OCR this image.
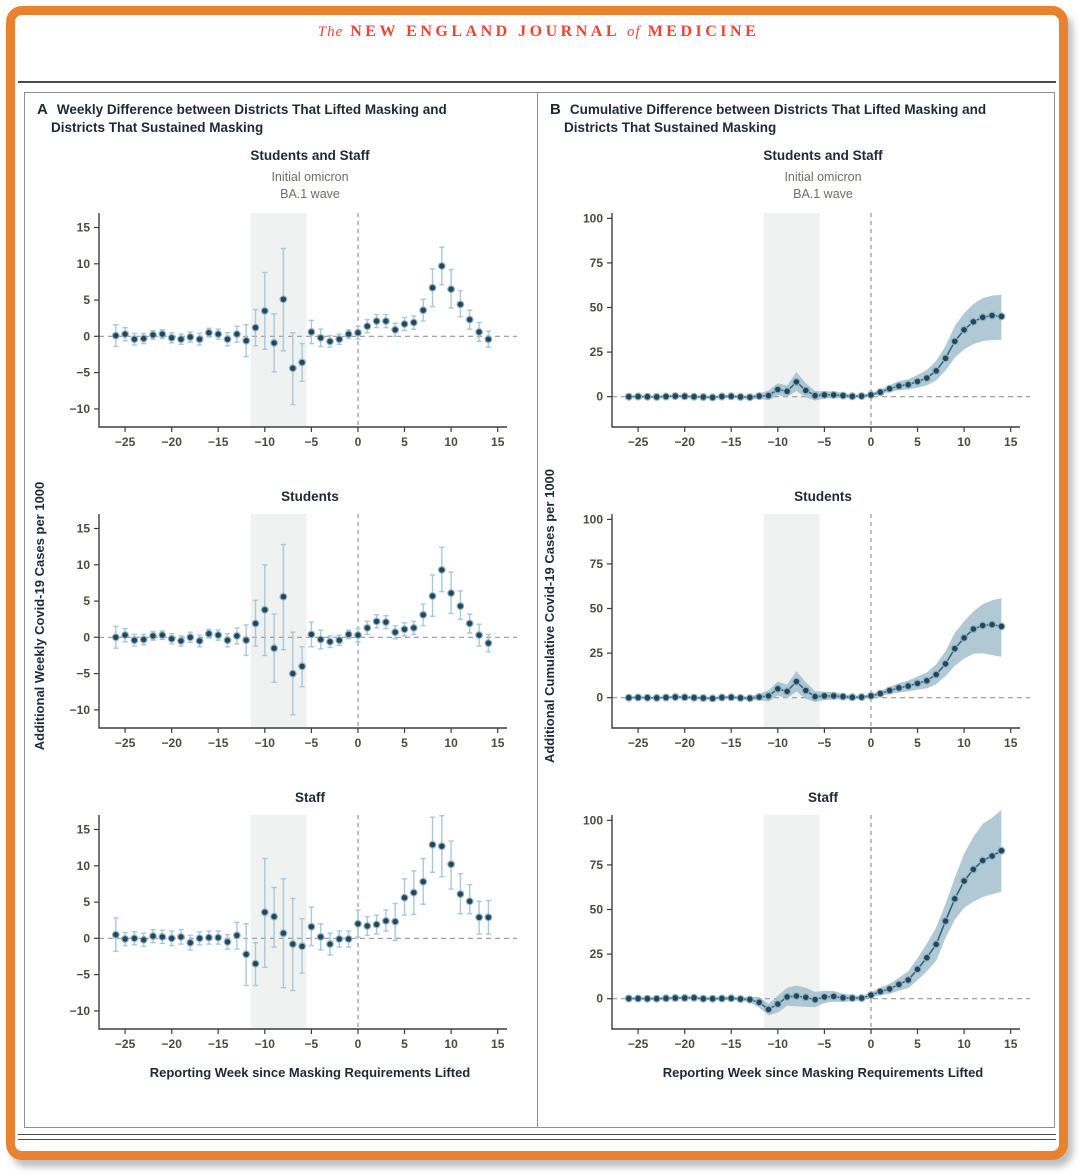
The NEW ENGLAND JOURNAL of MEDICINE
A Weekly Difference between Districts That Lifted Masking and
Districts That Sustained Masking
Additional Weekly Covid-19 Cases per 1000
Students and Staff
Initial omicron
BA.1 wave
15
10
5
0
−5
−10
−25 −20 −15 −10 −5	0	5	10	15
Students
15
10
5
0
−5
−10
−25 −20 −15 −10 −5	0	5	10	15
Staff
15
10
5
0
−5
−10
−25 −20 −15 −10 −5	0	5	10	15
Reporting Week since Masking Requirements Lifted
B Cumulative Difference between Districts That Lifted Masking and
Districts That Sustained Masking
Additional Cumulative Covid-19 Cases per 1000
Students and Staff
Initial omicron
BA.1 wave
100
75
50
25
0
−25 −20 −15 −10 −5	0	5	10	15
Students
100
75
50
25
0
−25 −20 −15 −10 −5	0	5	10	15
Staff
100
75
50
25
0
−25 −20 −15 −10 −5	0	5	10	15
Reporting Week since Masking Requirements Lifted
